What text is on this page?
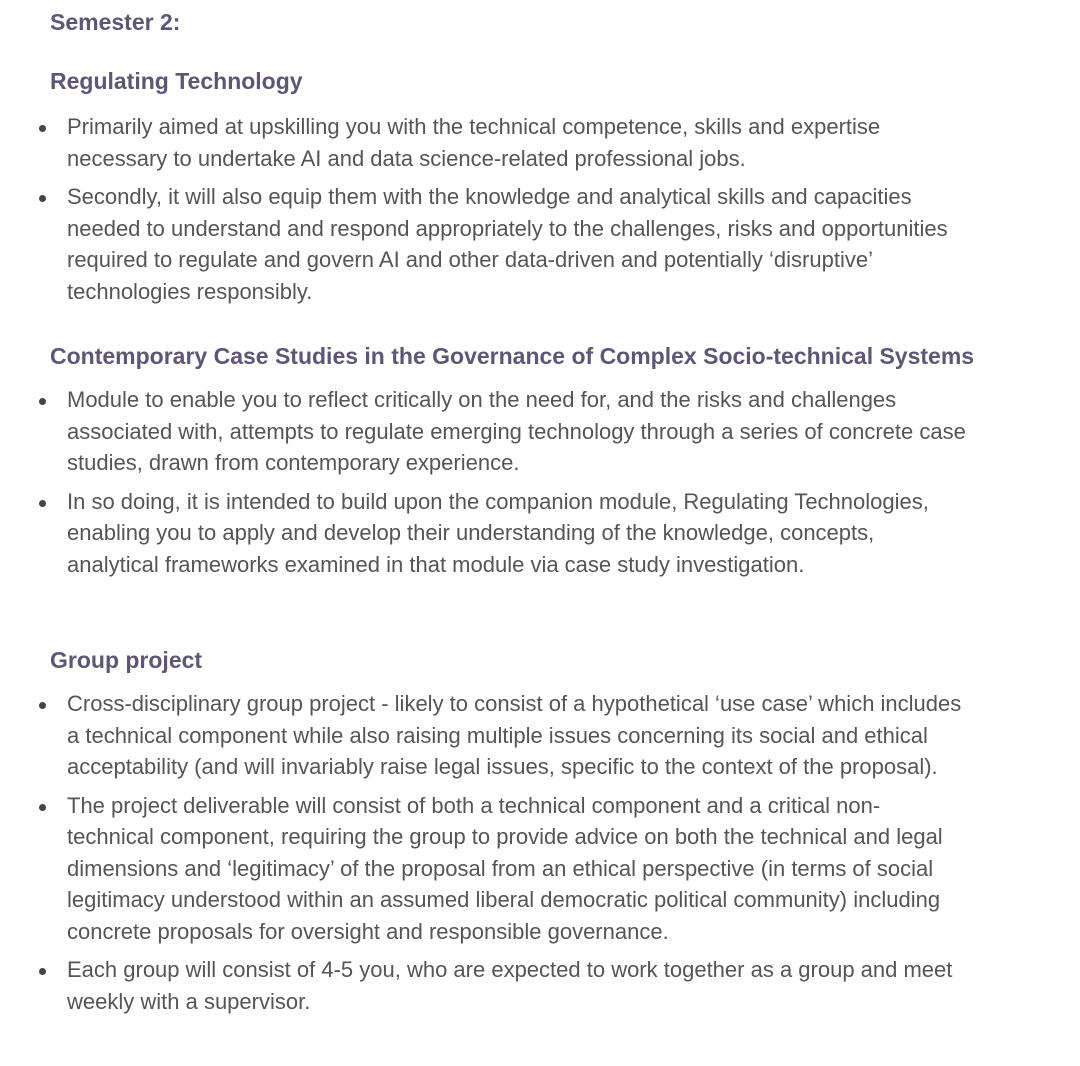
Semester 2:
Regulating Technology
Primarily aimed at upskilling you with the technical competence, skills and expertise necessary to undertake AI and data science-related professional jobs.
Secondly, it will also equip them with the knowledge and analytical skills and capacities needed to understand and respond appropriately to the challenges, risks and opportunities required to regulate and govern AI and other data-driven and potentially ‘disruptive’ technologies responsibly.
Contemporary Case Studies in the Governance of Complex Socio-technical Systems
Module to enable you to reflect critically on the need for, and the risks and challenges associated with, attempts to regulate emerging technology through a series of concrete case studies, drawn from contemporary experience.
In so doing, it is intended to build upon the companion module, Regulating Technologies, enabling you to apply and develop their understanding of the knowledge, concepts, analytical frameworks examined in that module via case study investigation.
Group project
Cross-disciplinary group project - likely to consist of a hypothetical ‘use case’ which includes a technical component while also raising multiple issues concerning its social and ethical acceptability (and will invariably raise legal issues, specific to the context of the proposal).
The project deliverable will consist of both a technical component and a critical non-technical component, requiring the group to provide advice on both the technical and legal dimensions and ‘legitimacy’ of the proposal from an ethical perspective (in terms of social legitimacy understood within an assumed liberal democratic political community) including concrete proposals for oversight and responsible governance.
Each group will consist of 4-5 you, who are expected to work together as a group and meet weekly with a supervisor.
